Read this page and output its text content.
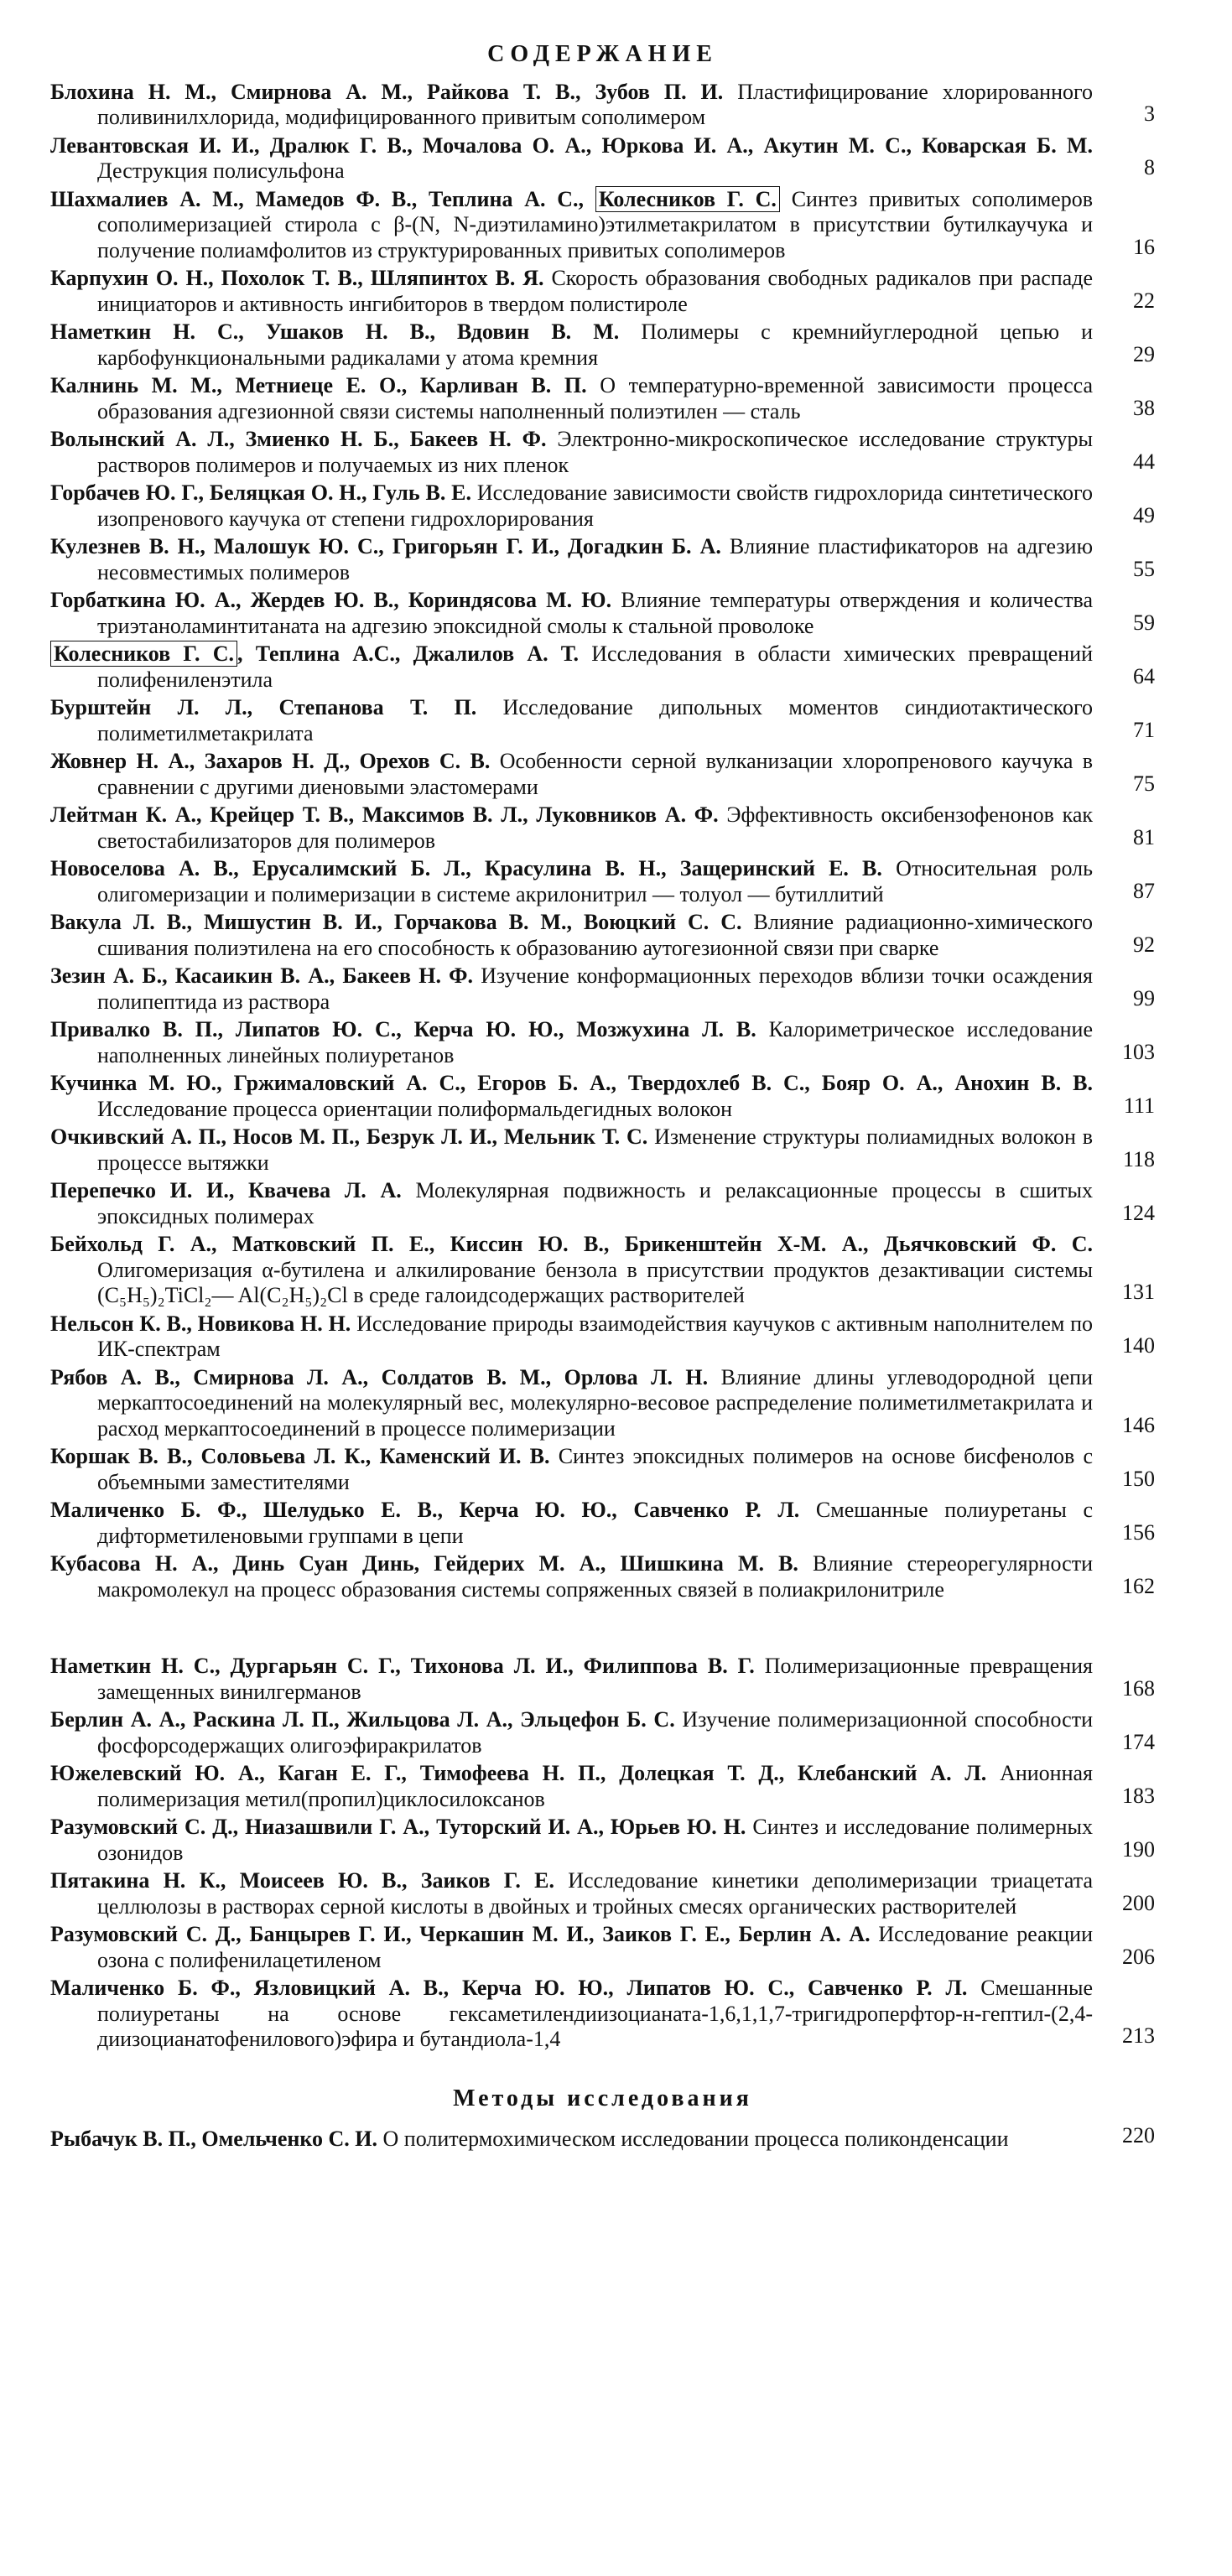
СОДЕРЖАНИЕ
Блохина Н. М., Смирнова А. М., Райкова Т. В., Зубов П. И. Пластифицирование хлорированного поливинилхлорида, модифицированного привитым сополимером	3
Левантовская И. И., Дралюк Г. В., Мочалова О. А., Юркова И. А., Акутин М. С., Коварская Б. М. Деструкция полисульфона	8
Шахмалиев А. М., Мамедов Ф. В., Теплина А. С., Колесников Г. С. Синтез привитых сополимеров сополимеризацией стирола с β-(N, N-диэтиламино)этилметакрилатом в присутствии бутилкаучука и получение полиамфолитов из структурированных привитых сополимеров	16
Карпухин О. Н., Похолок Т. В., Шляпинтох В. Я. Скорость образования свободных радикалов при распаде инициаторов и активность ингибиторов в твердом полистироле	22
Наметкин Н. С., Ушаков Н. В., Вдовин В. М. Полимеры с кремнийуглеродной цепью и карбофункциональными радикалами у атома кремния	29
Калнинь М. М., Метниеце Е. О., Карливан В. П. О температурно-временной зависимости процесса образования адгезионной связи системы наполненный полиэтилен — сталь	38
Волынский А. Л., Змиенко Н. Б., Бакеев Н. Ф. Электронно-микроскопическое исследование структуры растворов полимеров и получаемых из них пленок	44
Горбачев Ю. Г., Беляцкая О. Н., Гуль В. Е. Исследование зависимости свойств гидрохлорида синтетического изопренового каучука от степени гидрохлорирования	49
Кулезнев В. Н., Малошук Ю. С., Григорьян Г. И., Догадкин Б. А. Влияние пластификаторов на адгезию несовместимых полимеров	55
Горбаткина Ю. А., Жердев Ю. В., Кориндясова М. Ю. Влияние температуры отверждения и количества триэтаноламинтитаната на адгезию эпоксидной смолы к стальной проволоке	59
Колесников Г. С. , Теплина А.С., Джалилов А. Т. Исследования в области химических превращений полифениленэтила	64
Бурштейн Л. Л., Степанова Т. П. Исследование дипольных моментов синдиотактического полиметилметакрилата	71
Жовнер Н. А., Захаров Н. Д., Орехов С. В. Особенности серной вулканизации хлоропренового каучука в сравнении с другими диеновыми эластомерами	75
Лейтман К. А., Крейцер Т. В., Максимов В. Л., Луковников А. Ф. Эффективность оксибензофенонов как светостабилизаторов для полимеров	81
Новоселова А. В., Ерусалимский Б. Л., Красулина В. Н., Защеринский Е. В. Относительная роль олигомеризации и полимеризации в системе акрилонитрил — толуол — бутиллитий	87
Вакула Л. В., Мишустин В. И., Горчакова В. М., Воюцкий С. С. Влияние радиационно-химического сшивания полиэтилена на его способность к образованию аутогезионной связи при сварке	92
Зезин А. Б., Касаикин В. А., Бакеев Н. Ф. Изучение конформационных переходов вблизи точки осаждения полипептида из раствора	99
Привалко В. П., Липатов Ю. С., Керча Ю. Ю., Мозжухина Л. В. Калориметрическое исследование наполненных линейных полиуретанов	103
Кучинка М. Ю., Гржималовский А. С., Егоров Б. А., Твердохлеб В. С., Бояр О. А., Анохин В. В. Исследование процесса ориентации полиформальдегидных волокон	111
Очкивский А. П., Носов М. П., Безрук Л. И., Мельник Т. С. Изменение структуры полиамидных волокон в процессе вытяжки	118
Перепечко И. И., Квачева Л. А. Молекулярная подвижность и релаксационные процессы в сшитых эпоксидных полимерах	124
Бейхольд Г. А., Матковский П. Е., Киссин Ю. В., Брикенштейн Х-М. А., Дьячковский Ф. С. Олигомеризация α-бутилена и алкилирование бензола в присутствии продуктов дезактивации системы (C₅H₅)₂TiCl₂— Al(C₂H₅)₂Cl в среде галоидсодержащих растворителей	131
Нельсон К. В., Новикова Н. Н. Исследование природы взаимодействия каучуков с активным наполнителем по ИК-спектрам	140
Рябов А. В., Смирнова Л. А., Солдатов В. М., Орлова Л. Н. Влияние длины углеводородной цепи меркаптосоединений на молекулярный вес, молекулярно-весовое распределение полиметилметакрилата и расход меркаптосоединений в процессе полимеризации	146
Коршак В. В., Соловьева Л. К., Каменский И. В. Синтез эпоксидных полимеров на основе бисфенолов с объемными заместителями	150
Маличенко Б. Ф., Шелудько Е. В., Керча Ю. Ю., Савченко Р. Л. Смешанные полиуретаны с дифторметиленовыми группами в цепи	156
Кубасова Н. А., Динь Суан Динь, Гейдерих М. А., Шишкина М. В. Влияние стереорегулярности макромолекул на процесс образования системы сопряженных связей в полиакрилонитриле	162
Наметкин Н. С., Дургарьян С. Г., Тихонова Л. И., Филиппова В. Г. Полимеризационные превращения замещенных винилгерманов	168
Берлин А. А., Раскина Л. П., Жильцова Л. А., Эльцефон Б. С. Изучение полимеризационной способности фосфорсодержащих олигоэфиракрилатов	174
Южелевский Ю. А., Каган Е. Г., Тимофеева Н. П., Долецкая Т. Д., Клебанский А. Л. Анионная полимеризация метил(пропил)циклосилоксанов	183
Разумовский С. Д., Ниазашвили Г. А., Туторский И. А., Юрьев Ю. Н. Синтез и исследование полимерных озонидов	190
Пятакина Н. К., Моисеев Ю. В., Заиков Г. Е. Исследование кинетики деполимеризации триацетата целлюлозы в растворах серной кислоты в двойных и тройных смесях органических растворителей	200
Разумовский С. Д., Банцырев Г. И., Черкашин М. И., Заиков Г. Е., Берлин А. А. Исследование реакции озона с полифенилацетиленом	206
Маличенко Б. Ф., Язловицкий А. В., Керча Ю. Ю., Липатов Ю. С., Савченко Р. Л. Смешанные полиуретаны на основе гексаметилендиизоцианата-1,6,1,1,7-тригидроперфтор-н-гептил-(2,4-диизоцианатофенилового)эфира и бутандиола-1,4	213
Методы исследования
Рыбачук В. П., Омельченко С. И. О политермохимическом исследовании процесса поликонденсации	220
